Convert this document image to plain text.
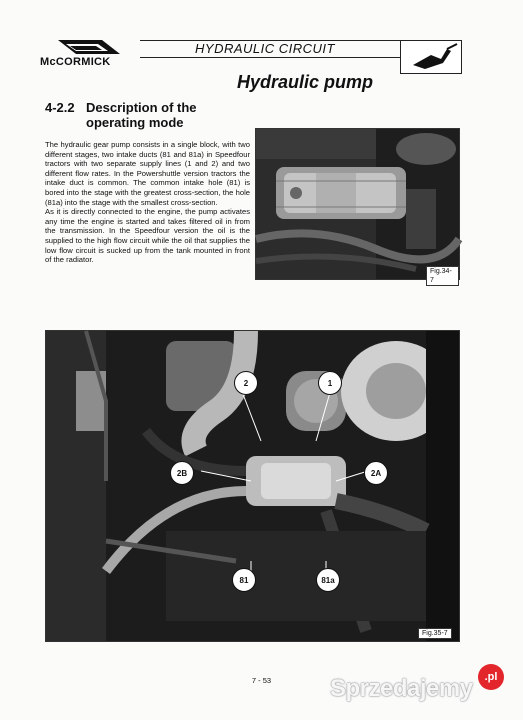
McCORMICK
HYDRAULIC CIRCUIT
Hydraulic pump
4-2.2 Description of the operating mode

The hydraulic gear pump consists in a single block, with two different stages, two intake ducts (81 and 81a) in Speedfour tractors with two separate supply lines (1 and 2) and two different flow rates. In the Powershuttle version tractors the intake duct is common. The common intake hole (81) is bored into the stage with the greatest cross-section, the hole (81a) into the stage with the smallest cross-section.

As it is directly connected to the engine, the pump activates any time the engine is started and takes filtered oil in from the transmission. In the Speedfour version the oil is the supplied to the high flow circuit while the oil that supplies the low flow circuit is sucked up from the tank mounted in front of the radiator.

Fig.34-7
2	1
2B	2A
81	81a
Fig.35-7
7 - 53	Sprzedajemy	.pl
